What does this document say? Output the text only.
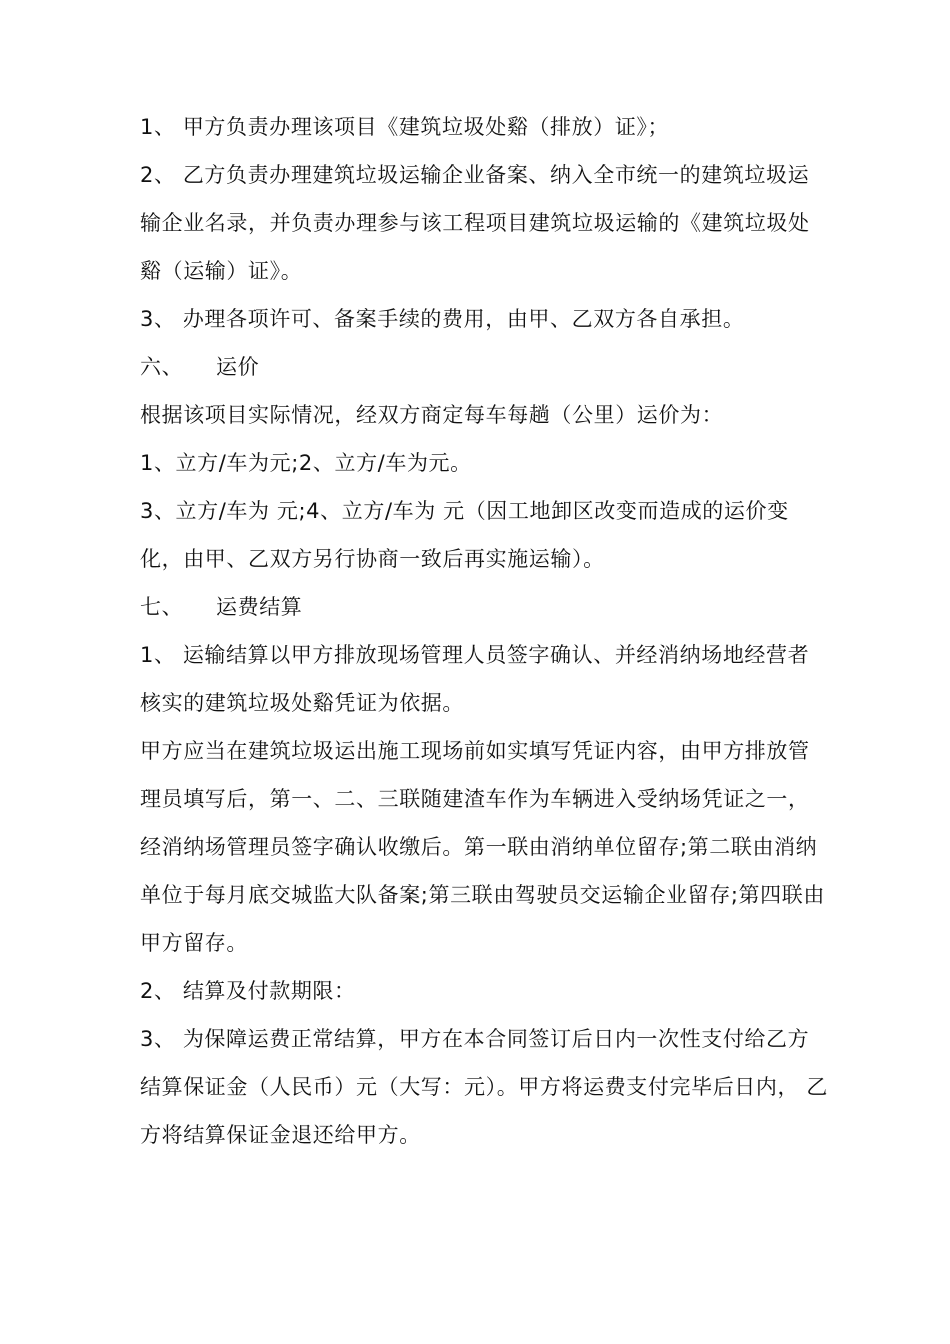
1、 甲方负责办理该项目《建筑垃圾处谿（排放）证》；

2、 乙方负责办理建筑垃圾运输企业备案、纳入全市统一的建筑垃圾运输企业名录，并负责办理参与该工程项目建筑垃圾运输的《建筑垃圾处谿（运输）证》。

3、 办理各项许可、备案手续的费用，由甲、乙双方各自承担。

六、 运价

根据该项目实际情况，经双方商定每车每趟（公里）运价为：

1、立方/车为元;2、立方/车为元。

3、立方/车为 元;4、立方/车为 元（因工地卸区改变而造成的运价变化，由甲、乙双方另行协商一致后再实施运输）。

七、 运费结算

1、 运输结算以甲方排放现场管理人员签字确认、并经消纳场地经营者核实的建筑垃圾处谿凭证为依据。

甲方应当在建筑垃圾运出施工现场前如实填写凭证内容，由甲方排放管理员填写后，第一、二、三联随建渣车作为车辆进入受纳场凭证之一，经消纳场管理员签字确认收缴后。第一联由消纳单位留存;第二联由消纳单位于每月底交城监大队备案;第三联由驾驶员交运输企业留存;第四联由甲方留存。

2、 结算及付款期限：

3、 为保障运费正常结算，甲方在本合同签订后日内一次性支付给乙方结算保证金（人民币）元（大写：元）。甲方将运费支付完毕后日内， 乙方将结算保证金退还给甲方。
